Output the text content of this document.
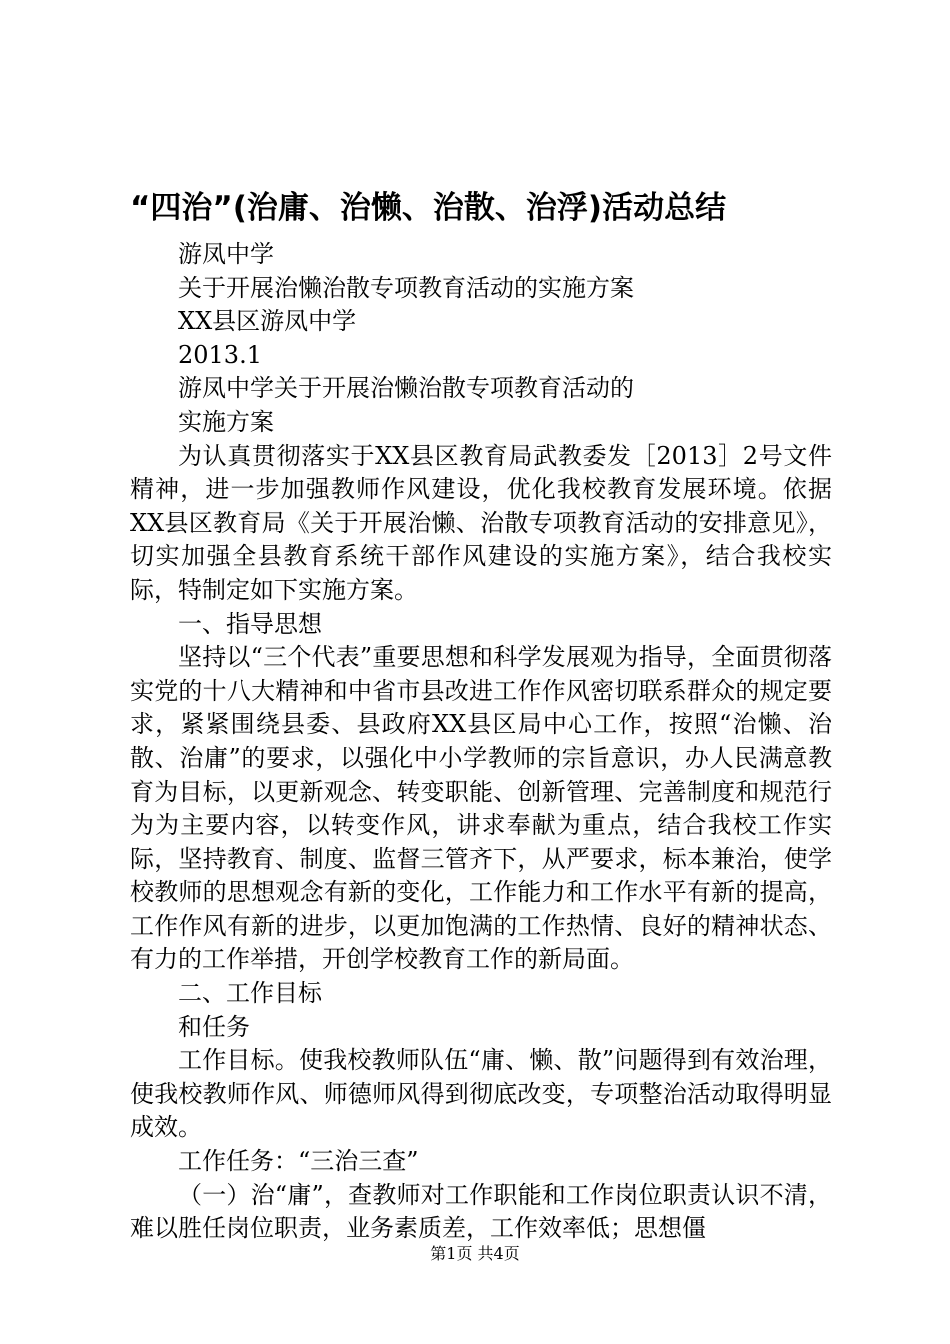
“四治”(治庸、治懒、治散、治浮)活动总结

游凤中学

关于开展治懒治散专项教育活动的实施方案

XX县区游凤中学

2013.1

游凤中学关于开展治懒治散专项教育活动的

实施方案

为认真贯彻落实于XX县区教育局武教委发［2013］2号文件精神，进一步加强教师作风建设，优化我校教育发展环境。依据XX县区教育局《关于开展治懒、治散专项教育活动的安排意见》，切实加强全县教育系统干部作风建设的实施方案》，结合我校实际，特制定如下实施方案。

一、指导思想

坚持以“三个代表”重要思想和科学发展观为指导，全面贯彻落实党的十八大精神和中省市县改进工作作风密切联系群众的规定要求，紧紧围绕县委、县政府XX县区局中心工作，按照“治懒、治散、治庸”的要求，以强化中小学教师的宗旨意识，办人民满意教育为目标，以更新观念、转变职能、创新管理、完善制度和规范行为为主要内容，以转变作风，讲求奉献为重点，结合我校工作实际，坚持教育、制度、监督三管齐下，从严要求，标本兼治，使学校教师的思想观念有新的变化，工作能力和工作水平有新的提高，工作作风有新的进步，以更加饱满的工作热情、良好的精神状态、有力的工作举措，开创学校教育工作的新局面。

二、工作目标

和任务

工作目标。使我校教师队伍“庸、懒、散”问题得到有效治理，使我校教师作风、师德师风得到彻底改变，专项整治活动取得明显成效。

工作任务：“三治三查”

（一）治“庸”，查教师对工作职能和工作岗位职责认识不清，难以胜任岗位职责，业务素质差，工作效率低；思想僵

第1页 共4页
